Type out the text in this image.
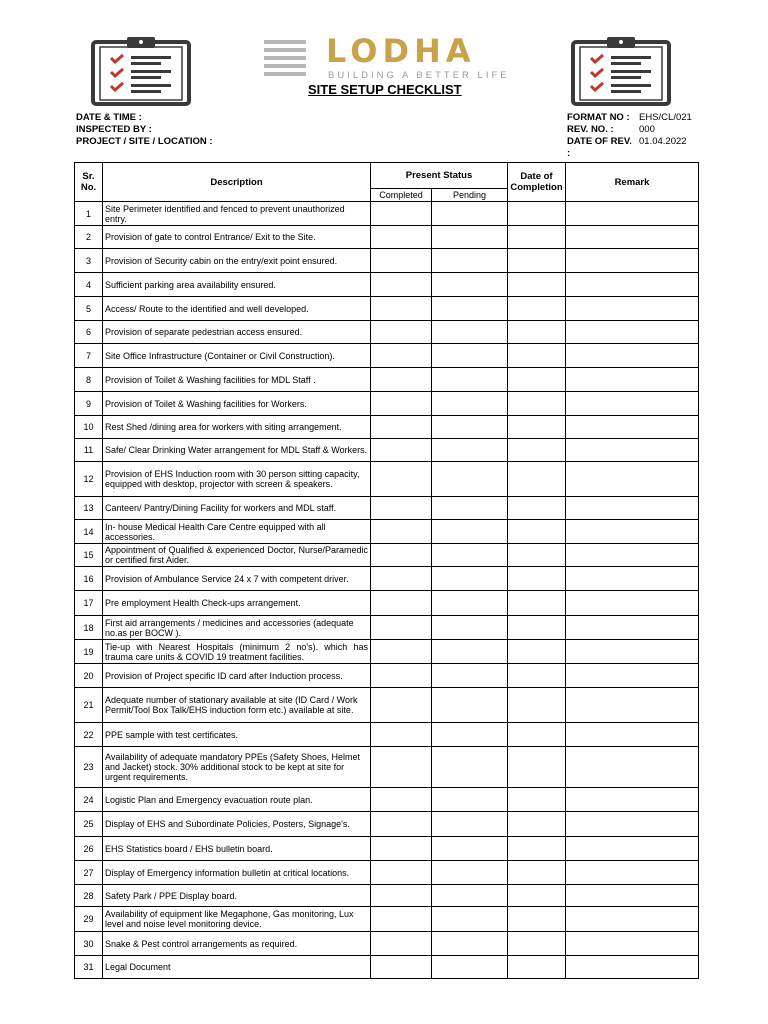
LODHA
BUILDING A BETTER LIFE
SITE SETUP CHECKLIST
DATE & TIME :
INSPECTED BY :
PROJECT / SITE / LOCATION :
FORMAT NO : EHS/CL/021
REV. NO. :	000
DATE OF REV. :
01.04.2022
Sr. No.	Description	Present Status		Date of Completion	Remark
		Completed	Pending		
1	Site Perimeter identified and fenced to prevent unauthorized entry.				
2	Provision of gate to control Entrance/ Exit to the Site.				
3	Provision of Security cabin on the entry/exit point ensured.				
4	Sufficient parking area availability ensured.				
5	Access/ Route to the identified and well developed.				
6	Provision of separate pedestrian access ensured.				
7	Site Office Infrastructure (Container or Civil Construction).				
8	Provision of Toilet & Washing facilities for MDL Staff .				
9	Provision of Toilet & Washing facilities for Workers.				
10	Rest Shed /dining area for workers with siting arrangement.				
11	Safe/ Clear Drinking Water arrangement for MDL Staff & Workers.				
12	Provision of EHS Induction room with 30 person sitting capacity, equipped with desktop, projector with screen & speakers.				
13	Canteen/ Pantry/Dining Facility for workers and MDL staff.				
14	In- house Medical Health Care Centre equipped with all accessories.				
15	Appointment of Qualified & experienced Doctor, Nurse/Paramedic or certified first Aider.				
16	Provision of Ambulance Service 24 x 7 with competent driver.				
17	Pre employment Health Check-ups arrangement.				
18	First aid arrangements / medicines and accessories (adequate no.as per BOCW ).				
19	Tie-up with Nearest Hospitals (minimum 2 no's). which has trauma care units & COVID 19 treatment facilities.				
20	Provision of Project specific ID card after Induction process.				
21	Adequate number of stationary available at site (ID Card / Work Permit/Tool Box Talk/EHS induction form etc.) available at site.				
22	PPE sample with test certificates.				
23	Availability of adequate mandatory PPEs (Safety Shoes, Helmet and Jacket) stock. 30% additional stock to be kept at site for urgent requirements.				
24	Logistic Plan and Emergency evacuation route plan.				
25	Display of EHS and Subordinate Policies, Posters, Signage's.				
26	EHS Statistics board / EHS bulletin board.				
27	Display of Emergency information bulletin at critical locations.				
28	Safety Park / PPE Display board.				
29	Availability of equipment like Megaphone, Gas monitoring, Lux level and noise level monitoring device.				
30	Snake & Pest control arrangements as required.				
31	Legal Document				
